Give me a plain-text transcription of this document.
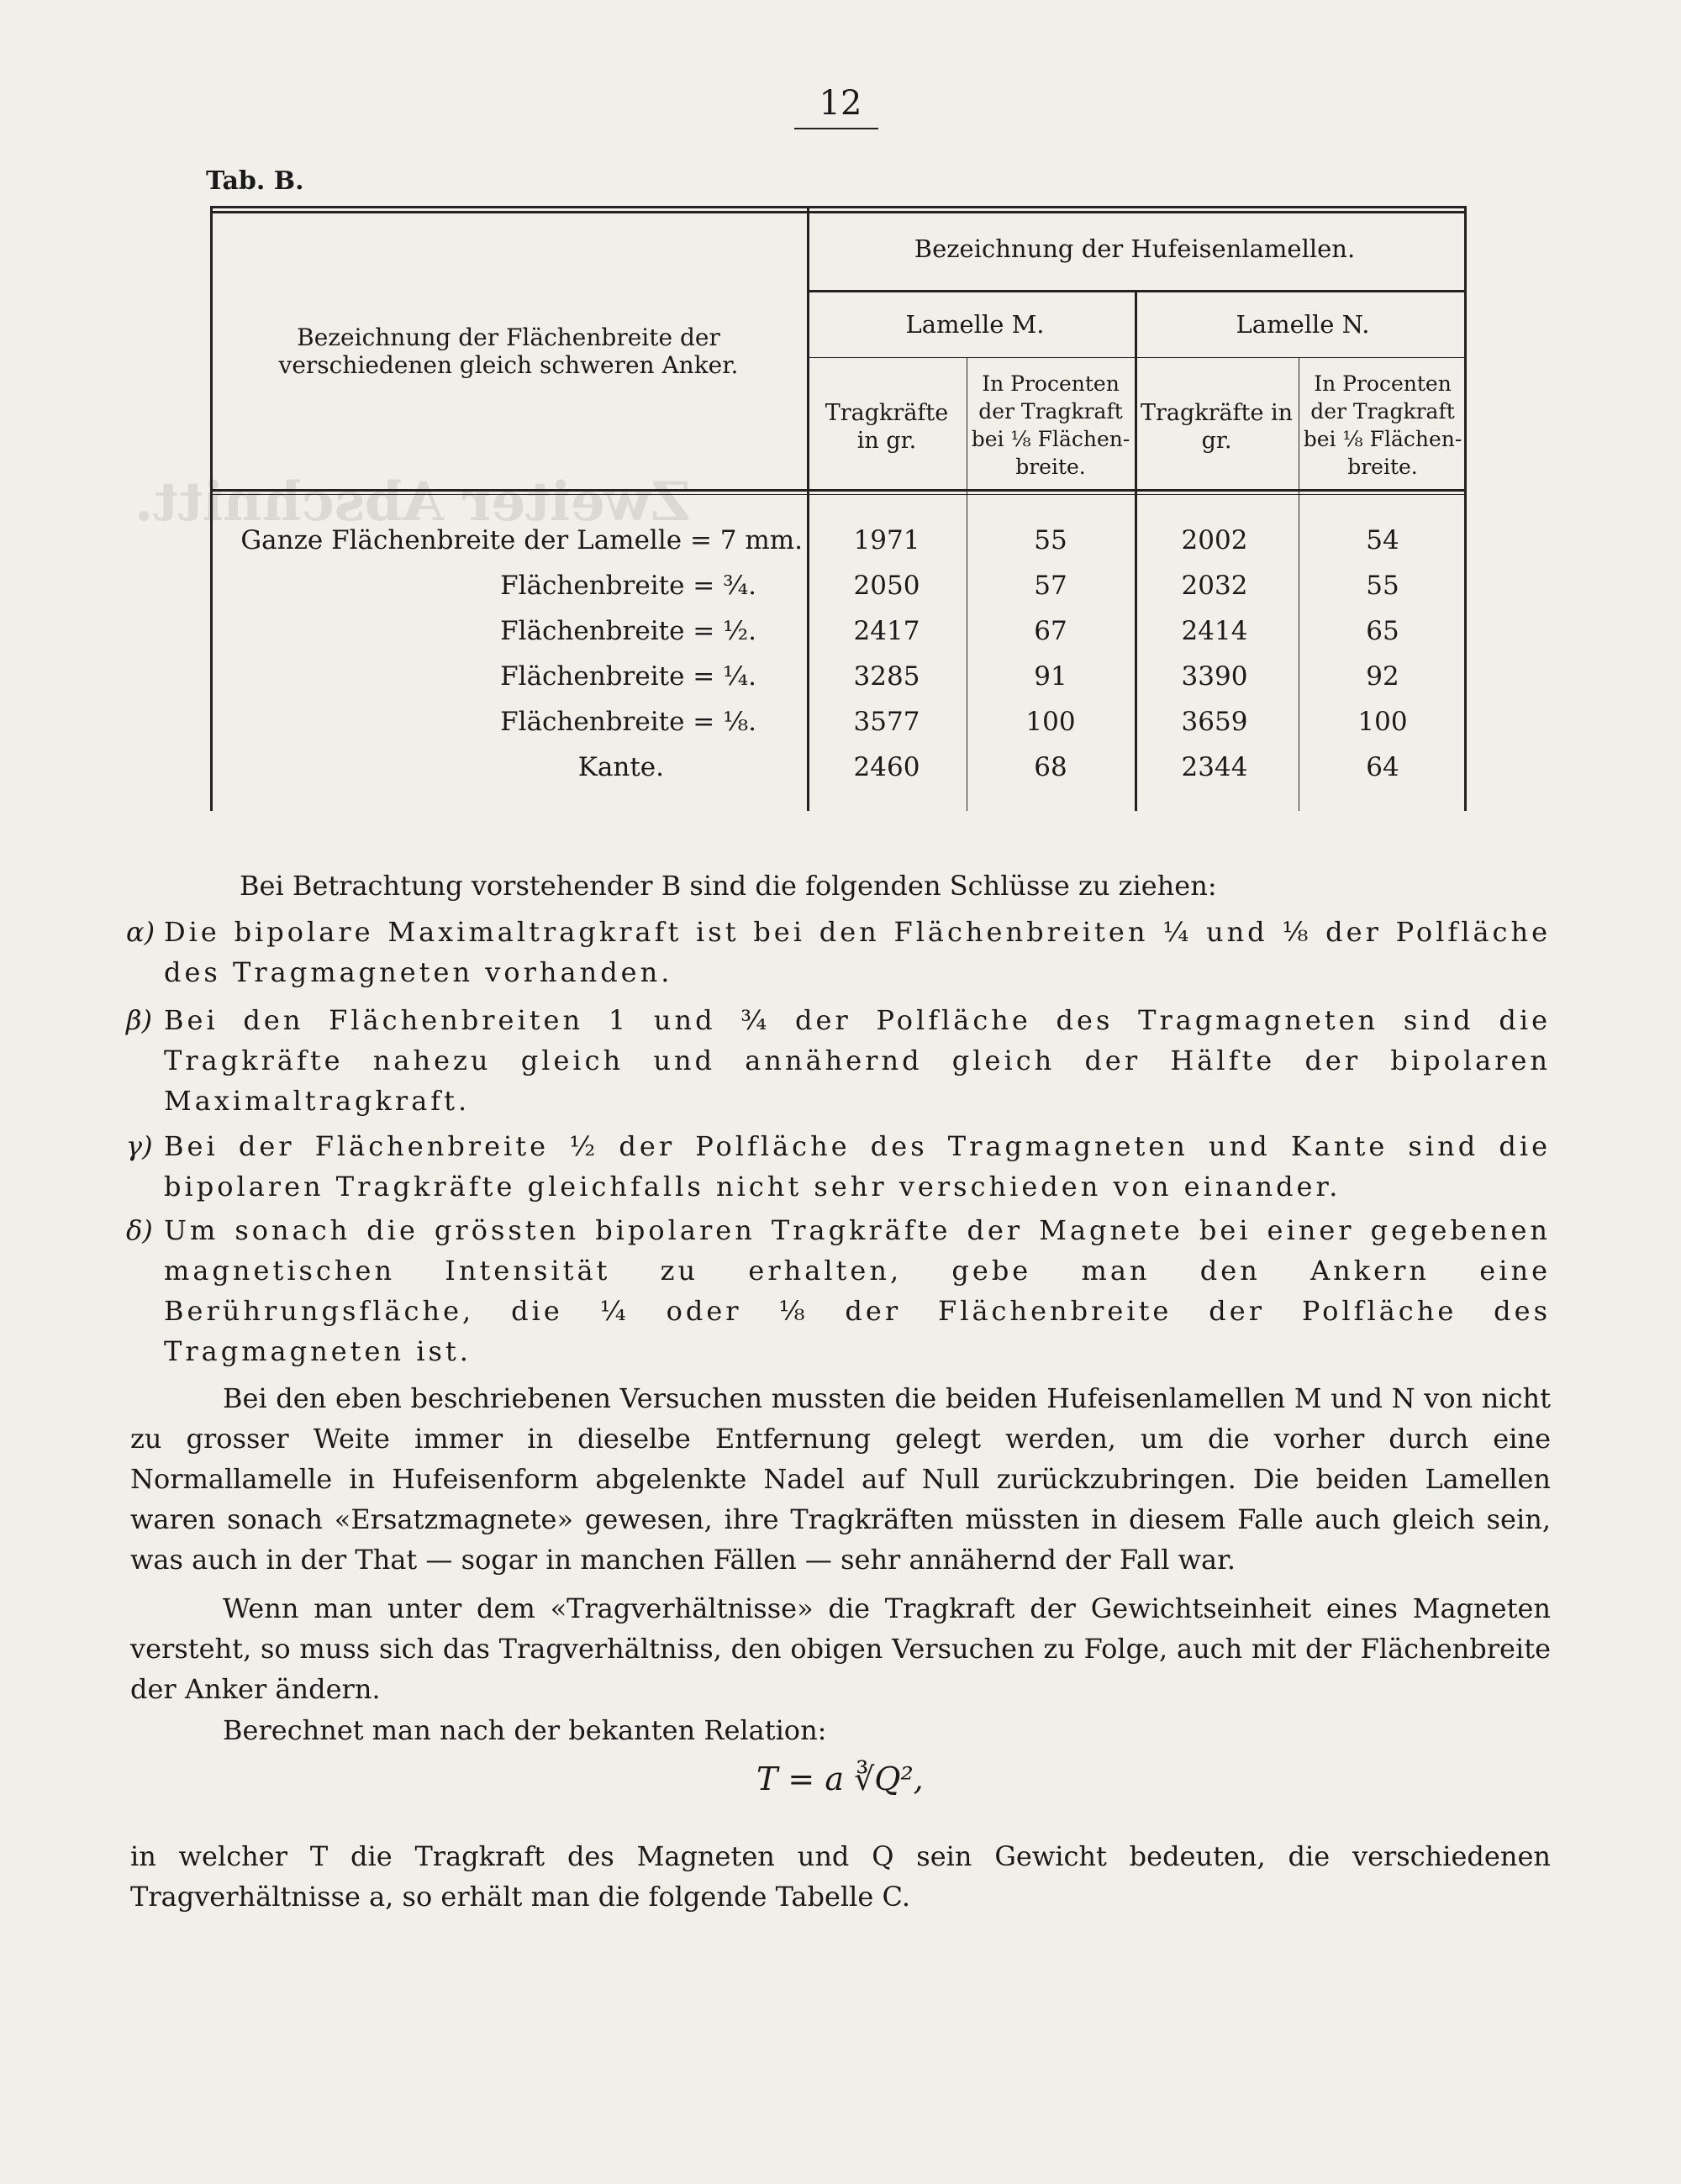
Zweiter Abschnitt.
12
Tab. B.
Bezeichnung der Hufeisenlamellen.
Bezeichnung der Flächenbreite der verschiedenen gleich schweren Anker.
Lamelle M.	Lamelle N.
Tragkräfte in gr.
In Procenten der Tragkraft bei ⅛ Flächen-breite.
Tragkräfte in gr.
In Procenten der Tragkraft bei ⅛ Flächen-breite.
Ganze Flächenbreite der Lamelle = 7 mm.	1971	55	2002	54
Flächenbreite = ¾.	2050	57	2032	55
Flächenbreite = ½.	2417	67	2414	65
Flächenbreite = ¼.	3285	91	3390	92
Flächenbreite = ⅛.	3577	100	3659	100
Kante.	2460	68	2344	64
Bei Betrachtung vorstehender B sind die folgenden Schlüsse zu ziehen:
α) Die bipolare Maximaltragkraft ist bei den Flächenbreiten ¼ und ⅛ der Polfläche des Tragmagneten vorhanden.
β) Bei den Flächenbreiten 1 und ¾ der Polfläche des Tragmagneten sind die Tragkräfte nahezu gleich und annähernd gleich der Hälfte der bipolaren Maximaltragkraft.
γ) Bei der Flächenbreite ½ der Polfläche des Tragmagneten und Kante sind die bipolaren Tragkräfte gleichfalls nicht sehr verschieden von einander.
δ) Um sonach die grössten bipolaren Tragkräfte der Magnete bei einer gegebenen magnetischen Intensität zu erhalten, gebe man den Ankern eine Berührungsfläche, die ¼ oder ⅛ der Flächenbreite der Polfläche des Tragmagneten ist.
Bei den eben beschriebenen Versuchen mussten die beiden Hufeisenlamellen M und N von nicht zu grosser Weite immer in dieselbe Entfernung gelegt werden, um die vorher durch eine Normallamelle in Hufeisenform abgelenkte Nadel auf Null zurückzubringen. Die beiden Lamellen waren sonach «Ersatzmagnete» gewesen, ihre Tragkräften müssten in diesem Falle auch gleich sein, was auch in der That — sogar in manchen Fällen — sehr annähernd der Fall war.
Wenn man unter dem «Tragverhältnisse» die Tragkraft der Gewichtseinheit eines Magneten versteht, so muss sich das Tragverhältniss, den obigen Versuchen zu Folge, auch mit der Flächenbreite der Anker ändern.
Berechnet man nach der bekanten Relation:
T = a ∛Q²,
in welcher T die Tragkraft des Magneten und Q sein Gewicht bedeuten, die verschiedenen Tragverhältnisse a, so erhält man die folgende Tabelle C.
